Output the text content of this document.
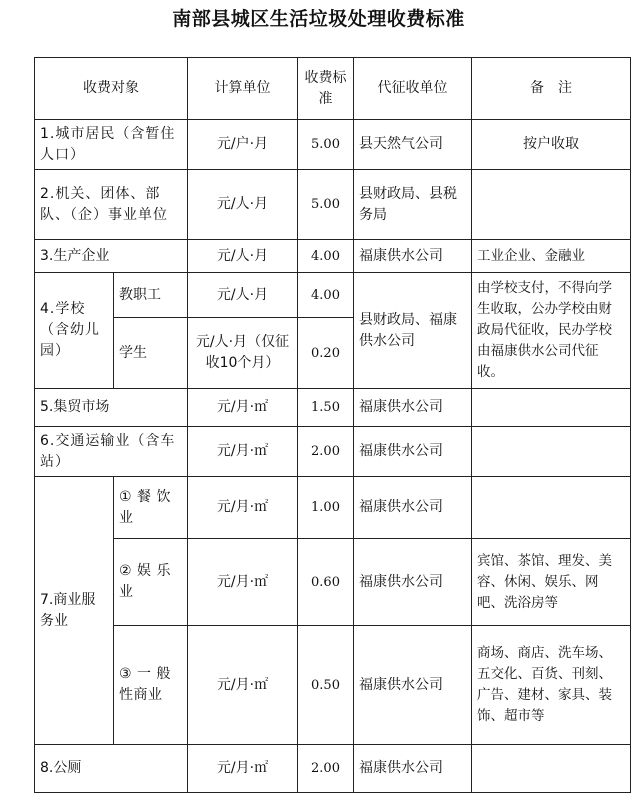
南部县城区生活垃圾处理收费标准
收费对象		计算单位	收费标准	代征收单位	备　注
1.城市居民（含暂住人口）		元/户·月	5.00	县天然气公司	按户收取
2.机关、团体、部队、（企）事业单位		元/人·月	5.00	县财政局、县税务局	
3.生产企业		元/人·月	4.00	福康供水公司	工业企业、金融业
4.学校（含幼儿园）	教职工	元/人·月	4.00	县财政局、福康供水公司	由学校支付，不得向学生收取，公办学校由财政局代征收，民办学校由福康供水公司代征收。
	学生	元/人·月（仅征收10个月）	0.20		
5.集贸市场		元/月·㎡	1.50	福康供水公司	
6.交通运输业（含车站）		元/月·㎡	2.00	福康供水公司	
7.商业服务业	① 餐 饮 业	元/月·㎡	1.00	福康供水公司	
	② 娱 乐 业	元/月·㎡	0.60	福康供水公司	宾馆、茶馆、理发、美容、休闲、娱乐、网吧、洗浴房等
	③ 一 般 性商业	元/月·㎡	0.50	福康供水公司	商场、商店、洗车场、五交化、百货、刊刻、广告、建材、家具、装饰、超市等
8.公厕		元/月·㎡	2.00	福康供水公司	
